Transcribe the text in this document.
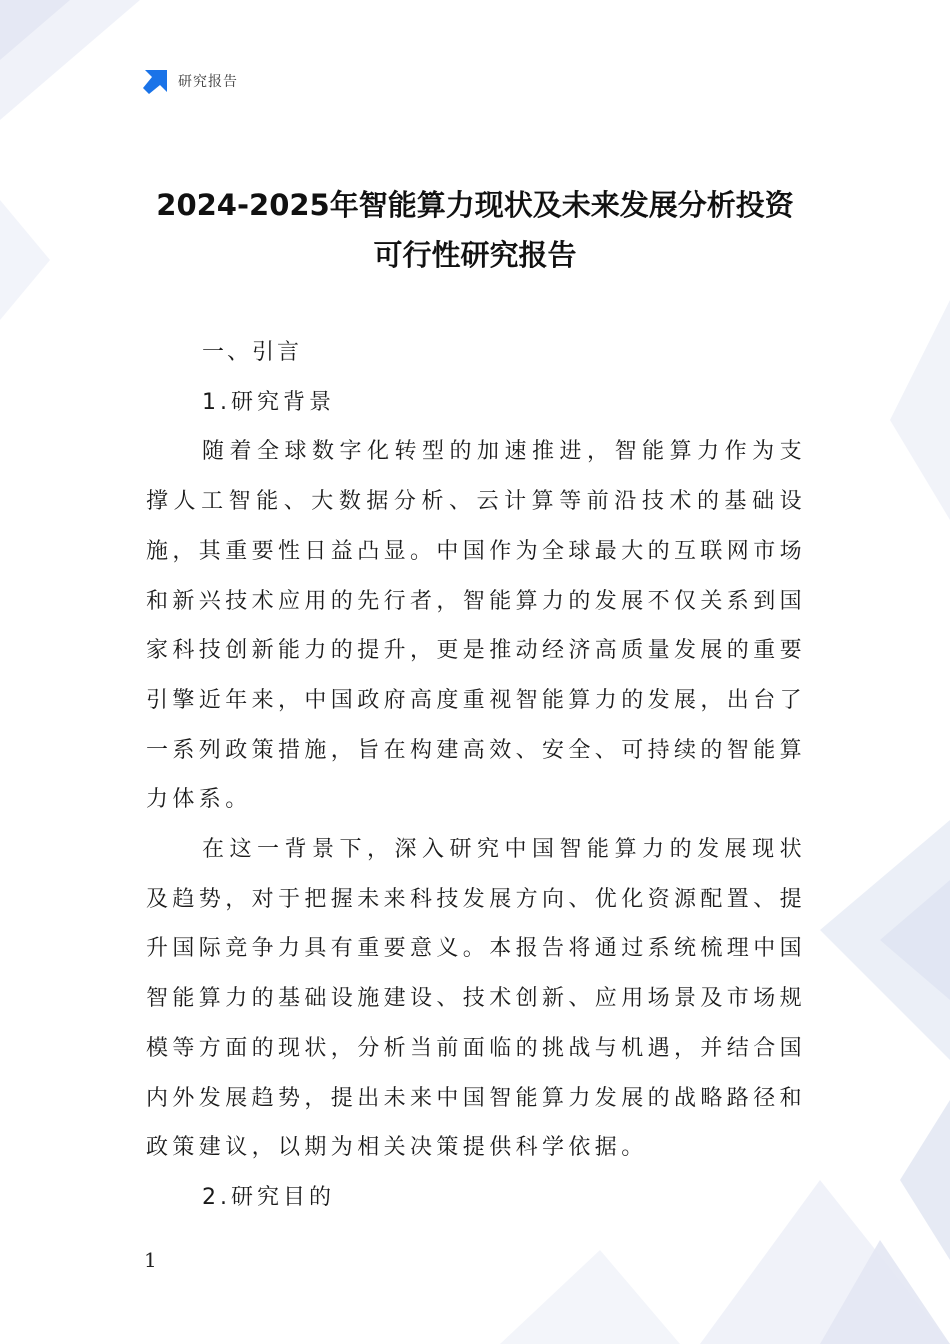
研究报告
2024-2025年智能算力现状及未来发展分析投资
可行性研究报告

一、引言

1.研究背景

随着全球数字化转型的加速推进，智能算力作为支撑人工智能、大数据分析、云计算等前沿技术的基础设施，其重要性日益凸显。中国作为全球最大的互联网市场和新兴技术应用的先行者，智能算力的发展不仅关系到国家科技创新能力的提升，更是推动经济高质量发展的重要引擎近年来，中国政府高度重视智能算力的发展，出台了一系列政策措施，旨在构建高效、安全、可持续的智能算力体系。

在这一背景下，深入研究中国智能算力的发展现状及趋势，对于把握未来科技发展方向、优化资源配置、提升国际竞争力具有重要意义。本报告将通过系统梳理中国智能算力的基础设施建设、技术创新、应用场景及市场规模等方面的现状，分析当前面临的挑战与机遇，并结合国内外发展趋势，提出未来中国智能算力发展的战略路径和政策建议，以期为相关决策提供科学依据。

2.研究目的

1
